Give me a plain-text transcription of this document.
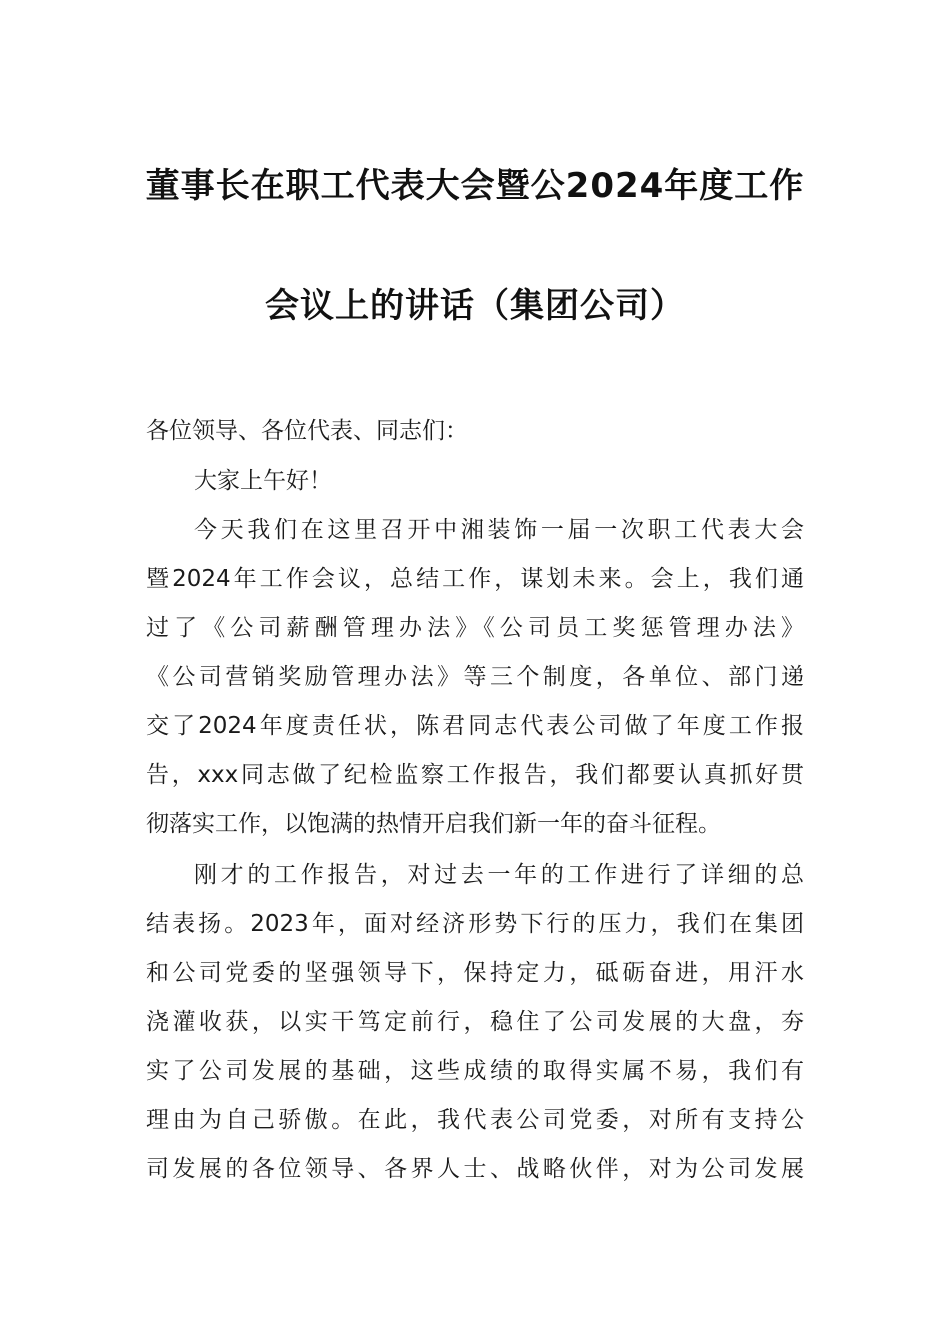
董事长在职工代表大会暨公2024年度工作
会议上的讲话（集团公司）
各位领导、各位代表、同志们：
大家上午好！
今天我们在这里召开中湘装饰一届一次职工代表大会
暨2024年工作会议，总结工作，谋划未来。会上，我们通
过了《公司薪酬管理办法》《公司员工奖惩管理办法》
《公司营销奖励管理办法》等三个制度，各单位、部门递
交了2024年度责任状，陈君同志代表公司做了年度工作报
告，xxx同志做了纪检监察工作报告，我们都要认真抓好贯
彻落实工作，以饱满的热情开启我们新一年的奋斗征程。
刚才的工作报告，对过去一年的工作进行了详细的总
结表扬。2023年，面对经济形势下行的压力，我们在集团
和公司党委的坚强领导下，保持定力，砥砺奋进，用汗水
浇灌收获，以实干笃定前行，稳住了公司发展的大盘，夯
实了公司发展的基础，这些成绩的取得实属不易，我们有
理由为自己骄傲。在此，我代表公司党委，对所有支持公
司发展的各位领导、各界人士、战略伙伴，对为公司发展
